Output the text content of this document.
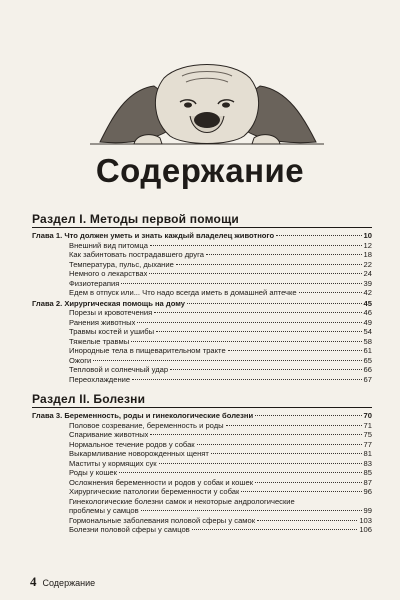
Содержание
Раздел I. Методы первой помощи
Глава 1. Что должен уметь и знать каждый владелец животного	10
Внешний вид питомца	12
Как забинтовать пострадавшего друга	18
Температура, пульс, дыхание	22
Немного о лекарствах	24
Физиотерапия	39
Едем в отпуск или... Что надо всегда иметь в домашней аптечке	42
Глава 2. Хирургическая помощь на дому	45
Порезы и кровотечения	46
Ранения животных	49
Травмы костей и ушибы	54
Тяжелые травмы	58
Инородные тела в пищеварительном тракте	61
Ожоги	65
Тепловой и солнечный удар	66
Переохлаждение	67
Раздел II. Болезни
Глава 3. Беременность, роды и гинекологические болезни	70
Половое созревание, беременность и роды	71
Спаривание животных	75
Нормальное течение родов у собак	77
Выкармливание новорожденных щенят	81
Маститы у кормящих сук	83
Роды у кошек	85
Осложнения беременности и родов у собак и кошек	87
Хирургические патологии беременности у собак	96
Гинекологические болезни самок и некоторые андрологические
проблемы у самцов	99
Гормональные заболевания половой сферы у самок	103
Болезни половой сферы у самцов	106
4 Содержание
